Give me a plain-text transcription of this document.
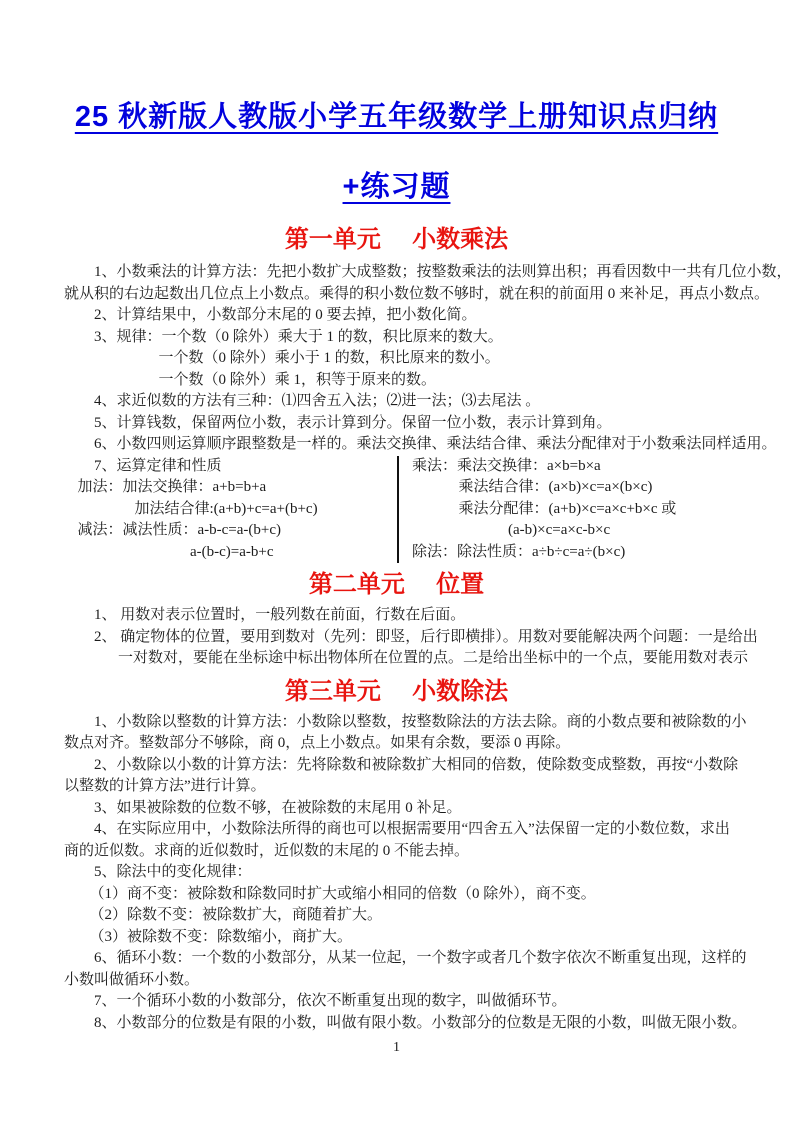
25 秋新版人教版小学五年级数学上册知识点归纳
+练习题
第一单元 小数乘法
1、小数乘法的计算方法：先把小数扩大成整数；按整数乘法的法则算出积；再看因数中一共有几位小数，
就从积的右边起数出几位点上小数点。乘得的积小数位数不够时，就在积的前面用 0 来补足，再点小数点。
2、计算结果中，小数部分末尾的 0 要去掉，把小数化简。
3、规律：一个数（0 除外）乘大于 1 的数，积比原来的数大。
一个数（0 除外）乘小于 1 的数，积比原来的数小。
一个数（0 除外）乘 1，积等于原来的数。
4、求近似数的方法有三种：⑴四舍五入法；⑵进一法；⑶去尾法 。
5、计算钱数，保留两位小数，表示计算到分。保留一位小数，表示计算到角。
6、小数四则运算顺序跟整数是一样的。乘法交换律、乘法结合律、乘法分配律对于小数乘法同样适用。
7、运算定律和性质
加法：加法交换律：a+b=b+a
加法结合律:(a+b)+c=a+(b+c)
减法：减法性质：a-b-c=a-(b+c)
a-(b-c)=a-b+c
乘法：乘法交换律：a×b=b×a
乘法结合律：(a×b)×c=a×(b×c)
乘法分配律：(a+b)×c=a×c+b×c 或
(a-b)×c=a×c-b×c
除法：除法性质：a÷b÷c=a÷(b×c)
第二单元 位置
1、 用数对表示位置时，一般列数在前面，行数在后面。
2、 确定物体的位置，要用到数对（先列：即竖，后行即横排）。用数对要能解决两个问题：一是给出
一对数对，要能在坐标途中标出物体所在位置的点。二是给出坐标中的一个点，要能用数对表示
第三单元 小数除法
1、小数除以整数的计算方法：小数除以整数，按整数除法的方法去除。商的小数点要和被除数的小
数点对齐。整数部分不够除，商 0，点上小数点。如果有余数，要添 0 再除。
2、小数除以小数的计算方法：先将除数和被除数扩大相同的倍数，使除数变成整数，再按“小数除
以整数的计算方法”进行计算。
3、如果被除数的位数不够，在被除数的末尾用 0 补足。
4、在实际应用中，小数除法所得的商也可以根据需要用“四舍五入”法保留一定的小数位数，求出
商的近似数。求商的近似数时，近似数的末尾的 0 不能去掉。
5、除法中的变化规律：
（1）商不变：被除数和除数同时扩大或缩小相同的倍数（0 除外），商不变。
（2）除数不变：被除数扩大，商随着扩大。
（3）被除数不变：除数缩小，商扩大。
6、循环小数：一个数的小数部分，从某一位起，一个数字或者几个数字依次不断重复出现，这样的
小数叫做循环小数。
7、一个循环小数的小数部分，依次不断重复出现的数字，叫做循环节。
8、小数部分的位数是有限的小数，叫做有限小数。小数部分的位数是无限的小数，叫做无限小数。
1
